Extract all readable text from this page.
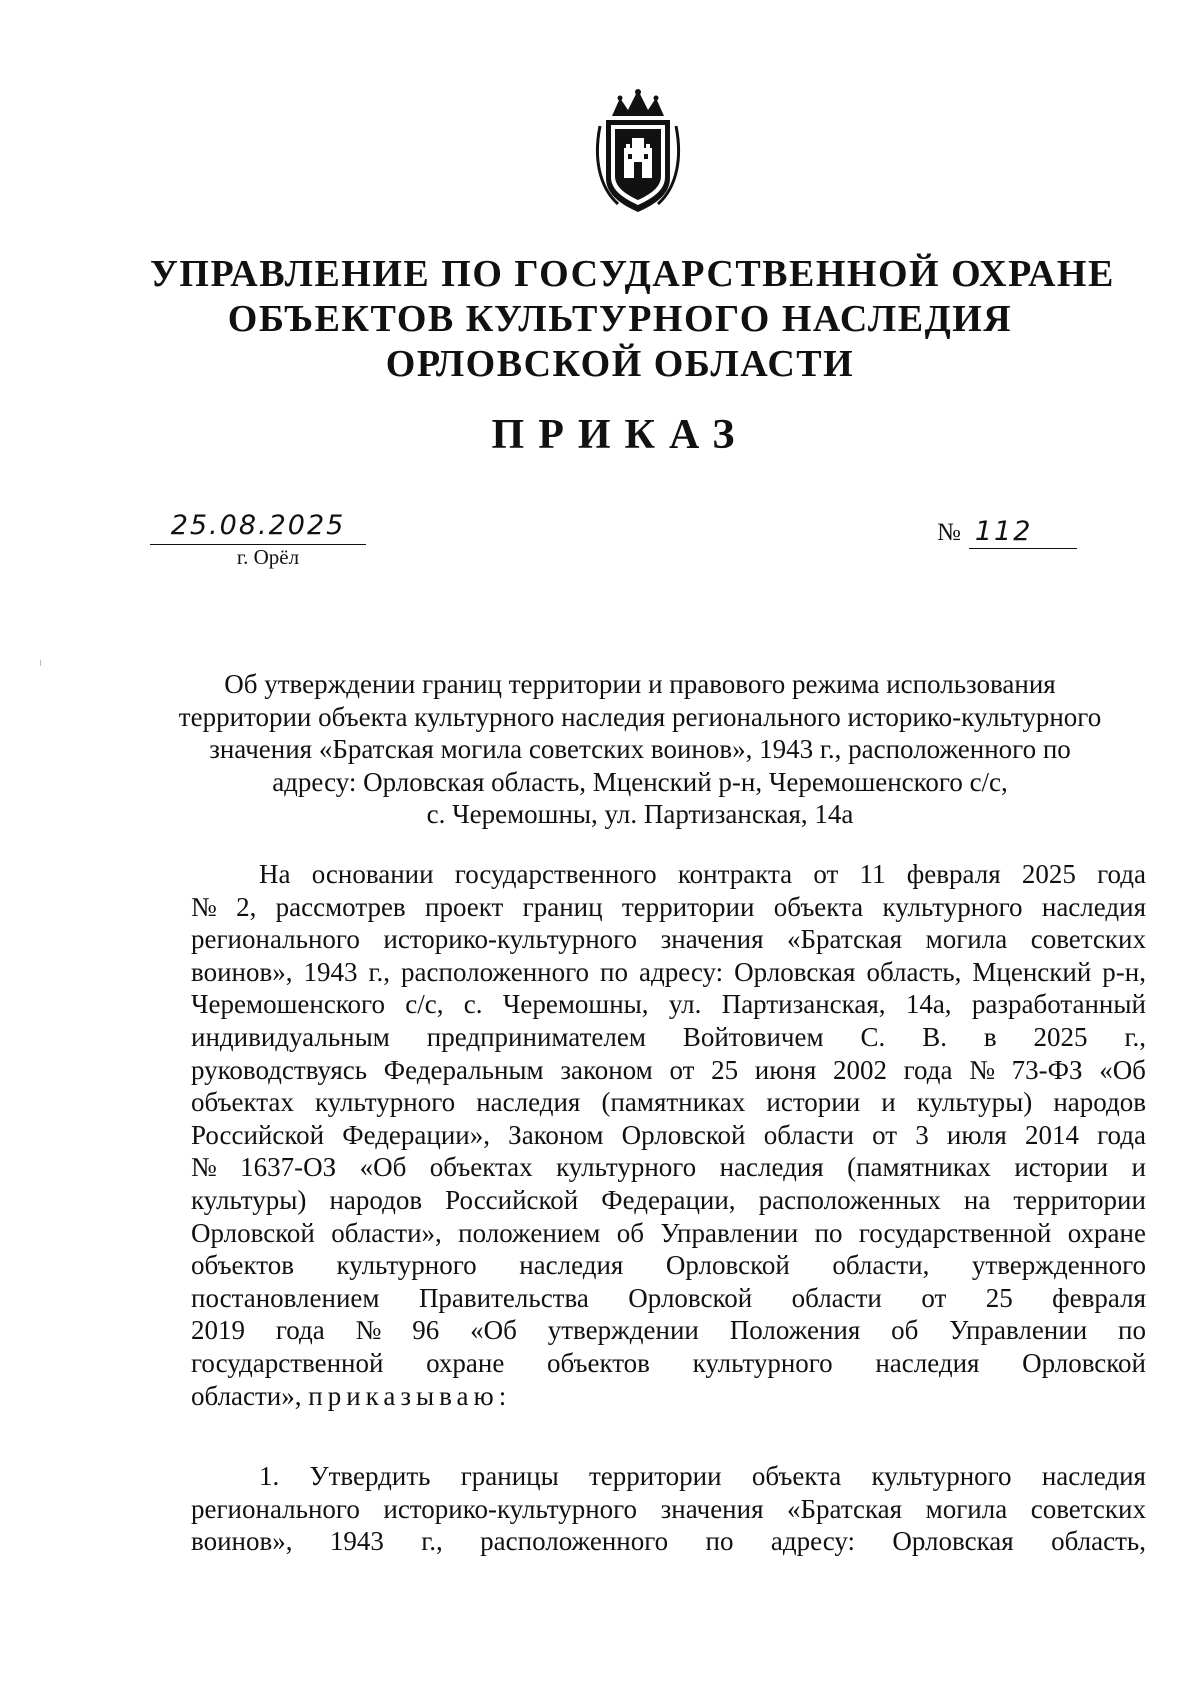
УПРАВЛЕНИЕ ПО ГОСУДАРСТВЕННОЙ ОХРАНЕ
ОБЪЕКТОВ КУЛЬТУРНОГО НАСЛЕДИЯ
ОРЛОВСКОЙ ОБЛАСТИ
ПРИКАЗ
25.08.2025
г. Орёл
№ 112
Об утверждении границ территории и правового режима использования
территории объекта культурного наследия регионального историко-культурного
значения «Братская могила советских воинов», 1943 г., расположенного по
адресу: Орловская область, Мценский р-н, Черемошенского с/с,
с. Черемошны, ул. Партизанская, 14а
На основании государственного контракта от 11 февраля 2025 года
№ 2, рассмотрев проект границ территории объекта культурного наследия
регионального историко-культурного значения «Братская могила советских
воинов», 1943 г., расположенного по адресу: Орловская область, Мценский р-н,
Черемошенского с/с, с. Черемошны, ул. Партизанская, 14а, разработанный
индивидуальным предпринимателем Войтовичем С. В. в 2025 г.,
руководствуясь Федеральным законом от 25 июня 2002 года № 73-ФЗ «Об
объектах культурного наследия (памятниках истории и культуры) народов
Российской Федерации», Законом Орловской области от 3 июля 2014 года
№ 1637-ОЗ «Об объектах культурного наследия (памятниках истории и
культуры) народов Российской Федерации, расположенных на территории
Орловской области», положением об Управлении по государственной охране
объектов культурного наследия Орловской области, утвержденного
постановлением Правительства Орловской области от 25 февраля
2019 года № 96 «Об утверждении Положения об Управлении по
государственной охране объектов культурного наследия Орловской
области», приказываю:
1. Утвердить границы территории объекта культурного наследия
регионального историко-культурного значения «Братская могила советских
воинов», 1943 г., расположенного по адресу: Орловская область,
